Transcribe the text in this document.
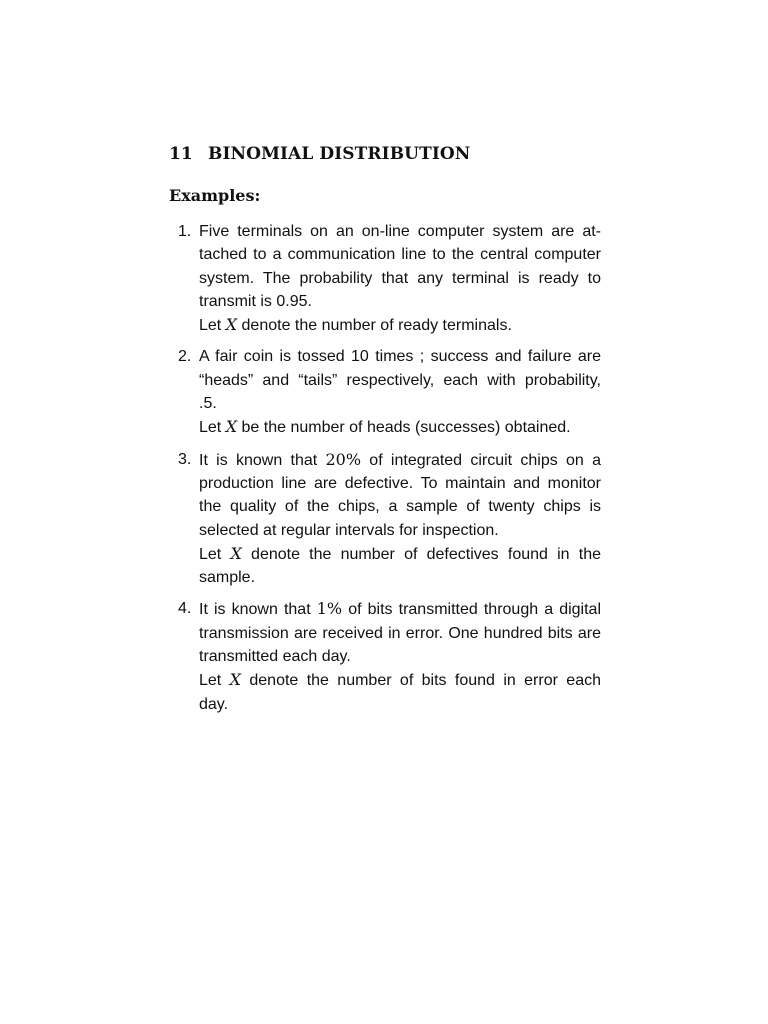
11 BINOMIAL DISTRIBUTION
Examples:
1. Five terminals on an on-line computer system are at-
tached to a communication line to the central computer
system. The probability that any terminal is ready to
transmit is 0.95.
Let X denote the number of ready terminals.
2. A fair coin is tossed 10 times ; success and failure are
“heads” and “tails” respectively, each with probability,
.5.
Let X be the number of heads (successes) obtained.
3. It is known that 20% of integrated circuit chips on a
production line are defective. To maintain and monitor
the quality of the chips, a sample of twenty chips is
selected at regular intervals for inspection.
Let X denote the number of defectives found in the
sample.
4. It is known that 1% of bits transmitted through a digital
transmission are received in error. One hundred bits are
transmitted each day.
Let X denote the number of bits found in error each
day.
